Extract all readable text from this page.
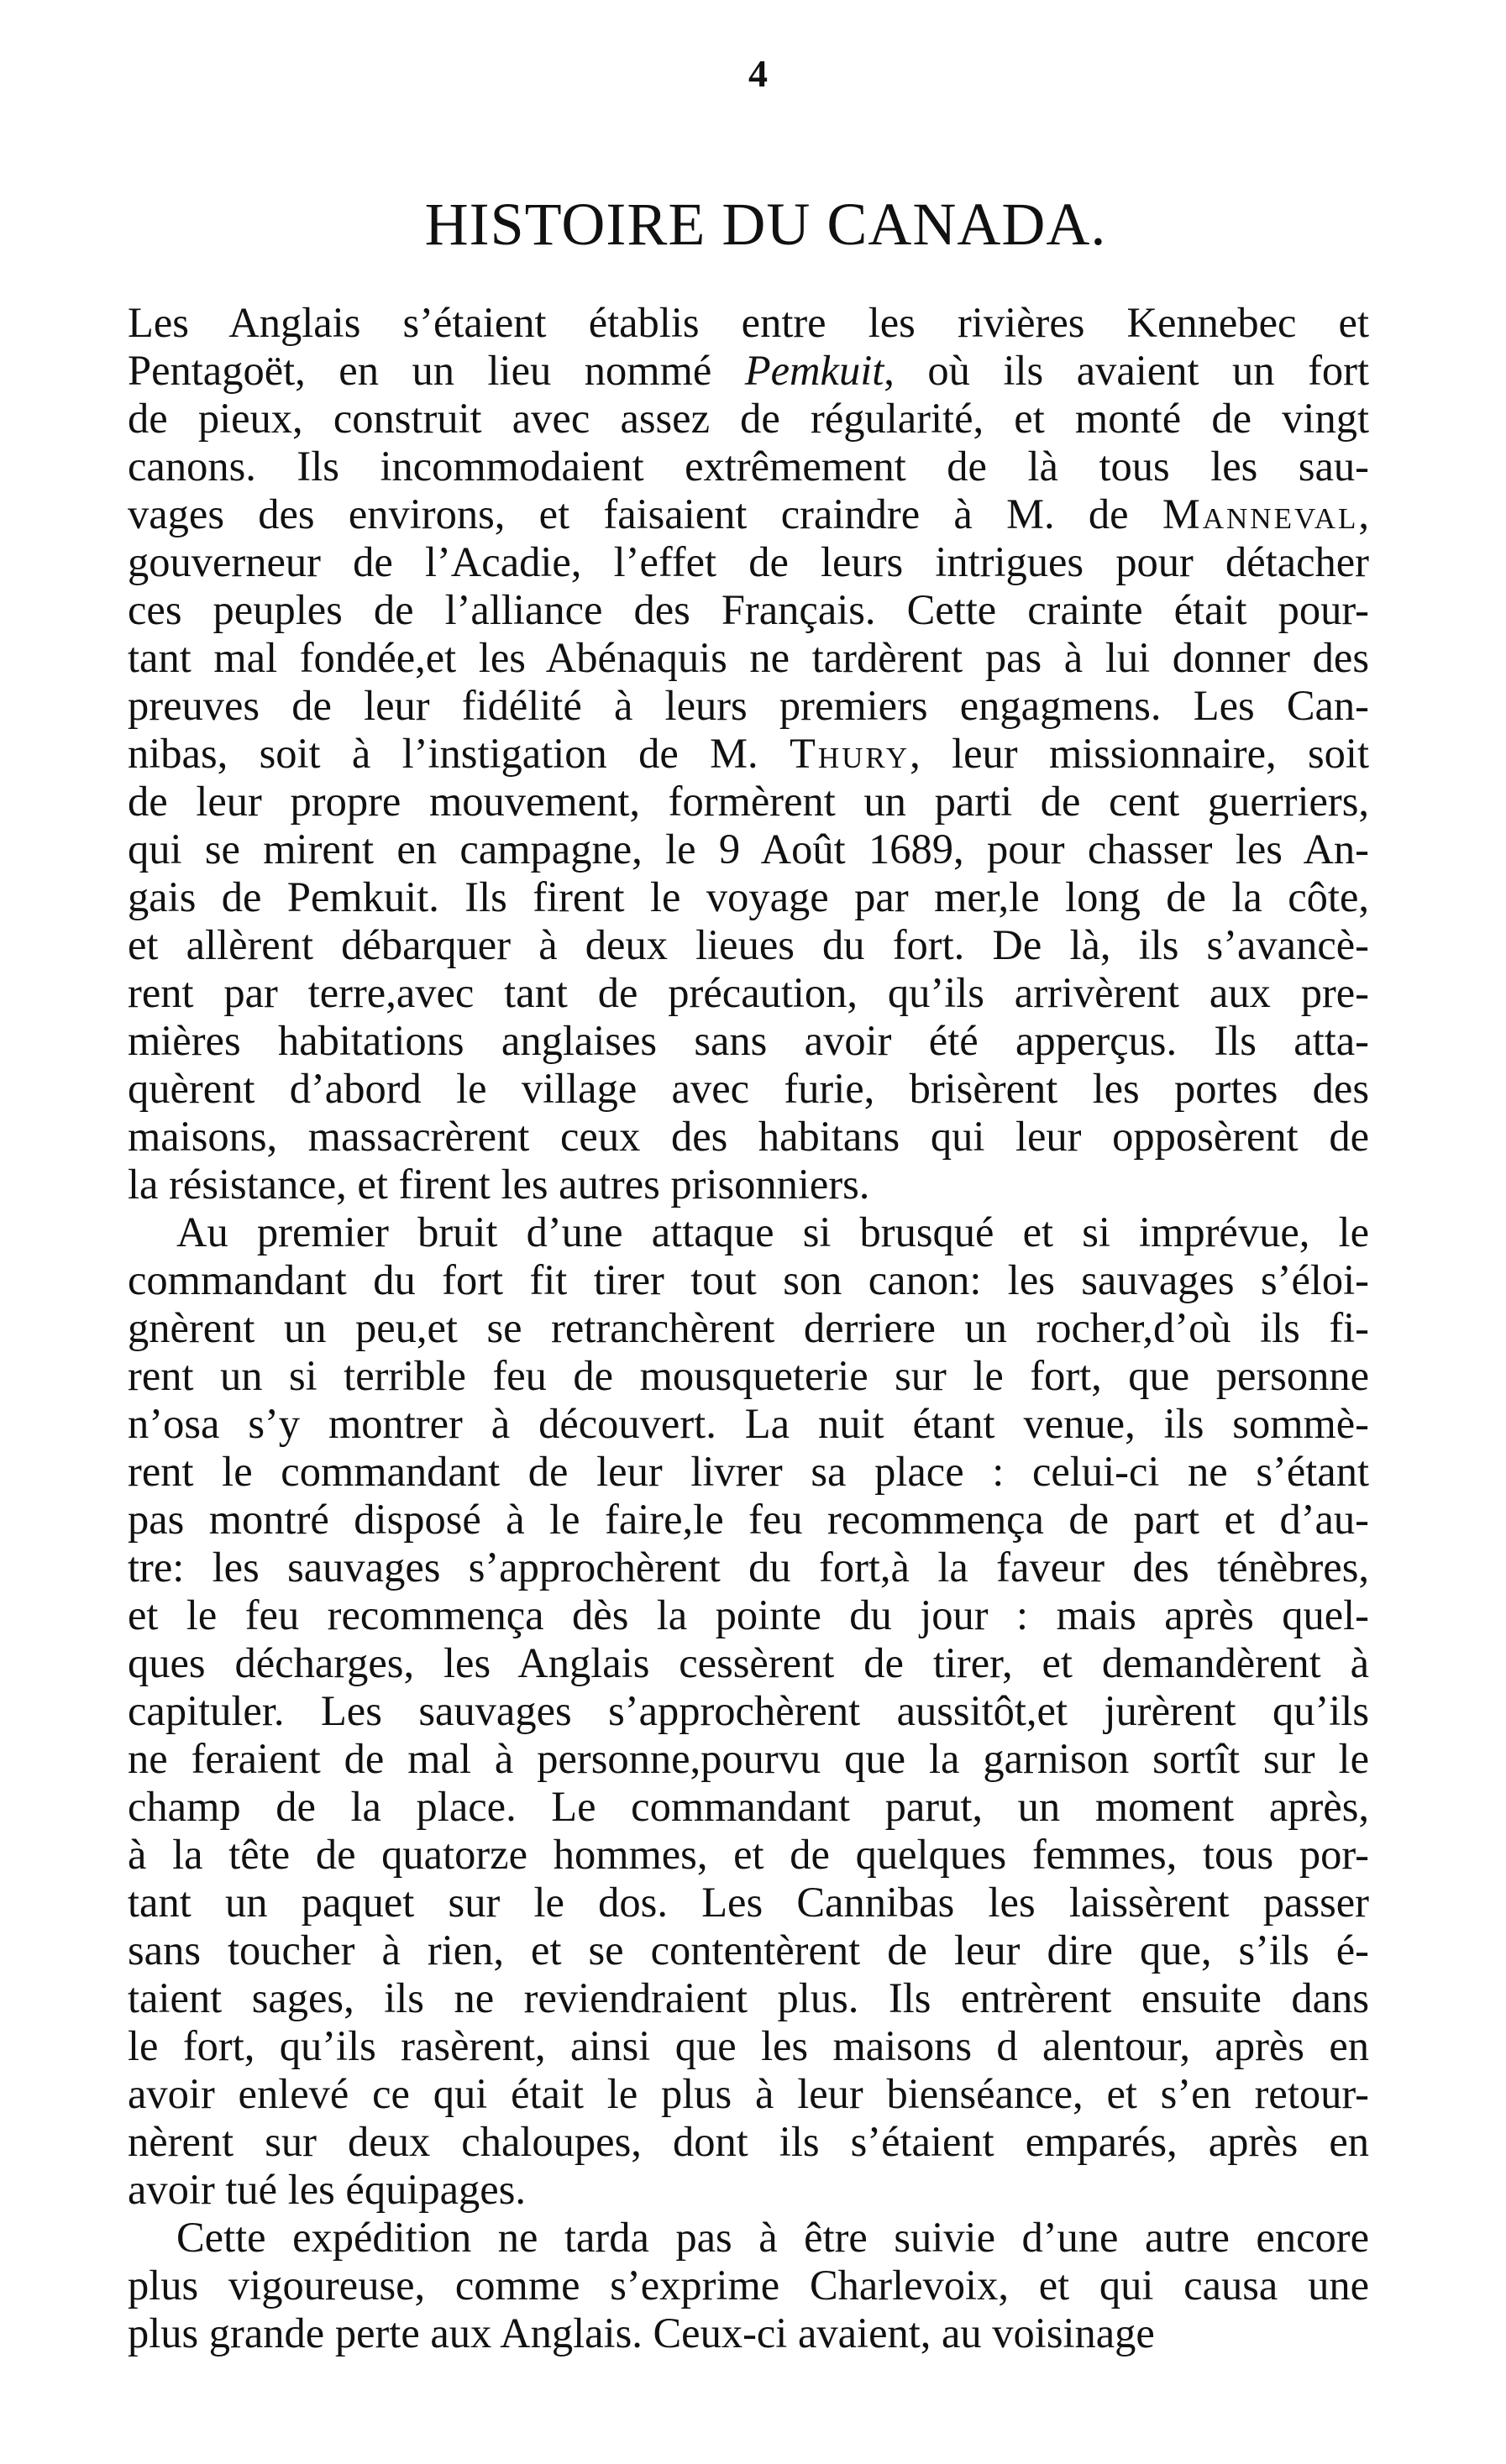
4
HISTOIRE DU CANADA.
Les Anglais s’étaient établis entre les rivières Kennebec et
Pentagoët, en un lieu nommé Pemkuit, où ils avaient un fort
de pieux, construit avec assez de régularité, et monté de vingt
canons. Ils incommodaient extrêmement de là tous les sau-
vages des environs, et faisaient craindre à M. de Manneval,
gouverneur de l’Acadie, l’effet de leurs intrigues pour détacher
ces peuples de l’alliance des Français. Cette crainte était pour-
tant mal fondée,et les Abénaquis ne tardèrent pas à lui donner des
preuves de leur fidélité à leurs premiers engagmens. Les Can-
nibas, soit à l’instigation de M. Thury, leur missionnaire, soit
de leur propre mouvement, formèrent un parti de cent guerriers,
qui se mirent en campagne, le 9 Août 1689, pour chasser les An-
gais de Pemkuit. Ils firent le voyage par mer,le long de la côte,
et allèrent débarquer à deux lieues du fort. De là, ils s’avancè-
rent par terre,avec tant de précaution, qu’ils arrivèrent aux pre-
mières habitations anglaises sans avoir été apperçus. Ils atta-
quèrent d’abord le village avec furie, brisèrent les portes des
maisons, massacrèrent ceux des habitans qui leur opposèrent de
la résistance, et firent les autres prisonniers.
Au premier bruit d’une attaque si brusqué et si imprévue, le
commandant du fort fit tirer tout son canon: les sauvages s’éloi-
gnèrent un peu,et se retranchèrent derriere un rocher,d’où ils fi-
rent un si terrible feu de mousqueterie sur le fort, que personne
n’osa s’y montrer à découvert. La nuit étant venue, ils sommè-
rent le commandant de leur livrer sa place : celui-ci ne s’étant
pas montré disposé à le faire,le feu recommença de part et d’au-
tre: les sauvages s’approchèrent du fort,à la faveur des ténèbres,
et le feu recommença dès la pointe du jour : mais après quel-
ques décharges, les Anglais cessèrent de tirer, et demandèrent à
capituler. Les sauvages s’approchèrent aussitôt,et jurèrent qu’ils
ne feraient de mal à personne,pourvu que la garnison sortît sur le
champ de la place. Le commandant parut, un moment après,
à la tête de quatorze hommes, et de quelques femmes, tous por-
tant un paquet sur le dos. Les Cannibas les laissèrent passer
sans toucher à rien, et se contentèrent de leur dire que, s’ils é-
taient sages, ils ne reviendraient plus. Ils entrèrent ensuite dans
le fort, qu’ils rasèrent, ainsi que les maisons d alentour, après en
avoir enlevé ce qui était le plus à leur bienséance, et s’en retour-
nèrent sur deux chaloupes, dont ils s’étaient emparés, après en
avoir tué les équipages.
Cette expédition ne tarda pas à être suivie d’une autre encore
plus vigoureuse, comme s’exprime Charlevoix, et qui causa une
plus grande perte aux Anglais. Ceux-ci avaient, au voisinage
